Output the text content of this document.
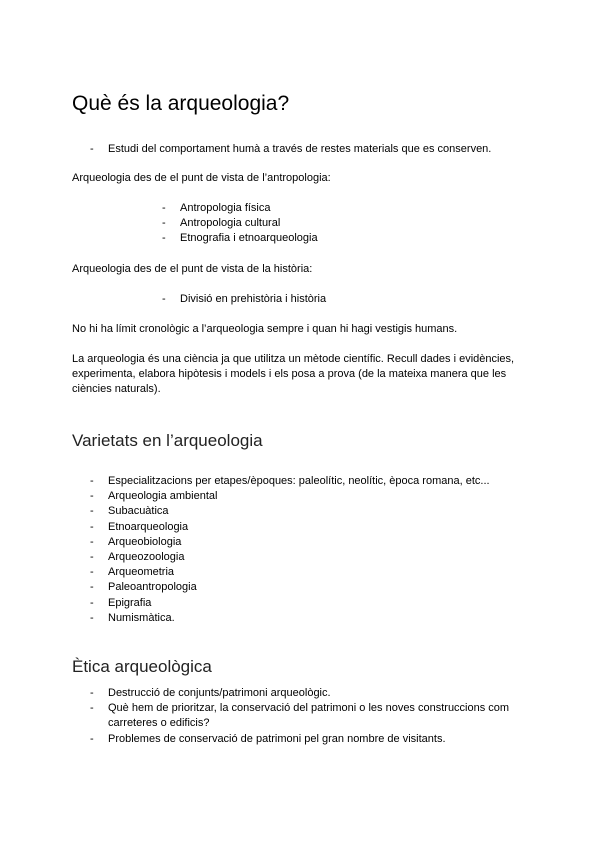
Què és la arqueologia?
- Estudi del comportament humà a través de restes materials que es conserven.

Arqueologia des de el punt de vista de l’antropologia:

- Antropologia física
- Antropologia cultural
- Etnografia i etnoarqueologia

Arqueologia des de el punt de vista de la història:

- Divisió en prehistòria i història

No hi ha límit cronològic a l’arqueologia sempre i quan hi hagi vestigis humans.

La arqueologia és una ciència ja que utilitza un mètode científic. Recull dades i evidències, experimenta, elabora hipòtesis i models i els posa a prova (de la mateixa manera que les ciències naturals).

Varietats en l’arqueologia
- Especialitzacions per etapes/èpoques: paleolític, neolític, època romana, etc...
- Arqueologia ambiental
- Subacuàtica
- Etnoarqueologia
- Arqueobiologia
- Arqueozoologia
- Arqueometria
- Paleoantropologia
- Epigrafia
- Numismàtica.
Ètica arqueològica
- Destrucció de conjunts/patrimoni arqueològic.
- Què hem de prioritzar, la conservació del patrimoni o les noves construccions com carreteres o edificis?
- Problemes de conservació de patrimoni pel gran nombre de visitants.
